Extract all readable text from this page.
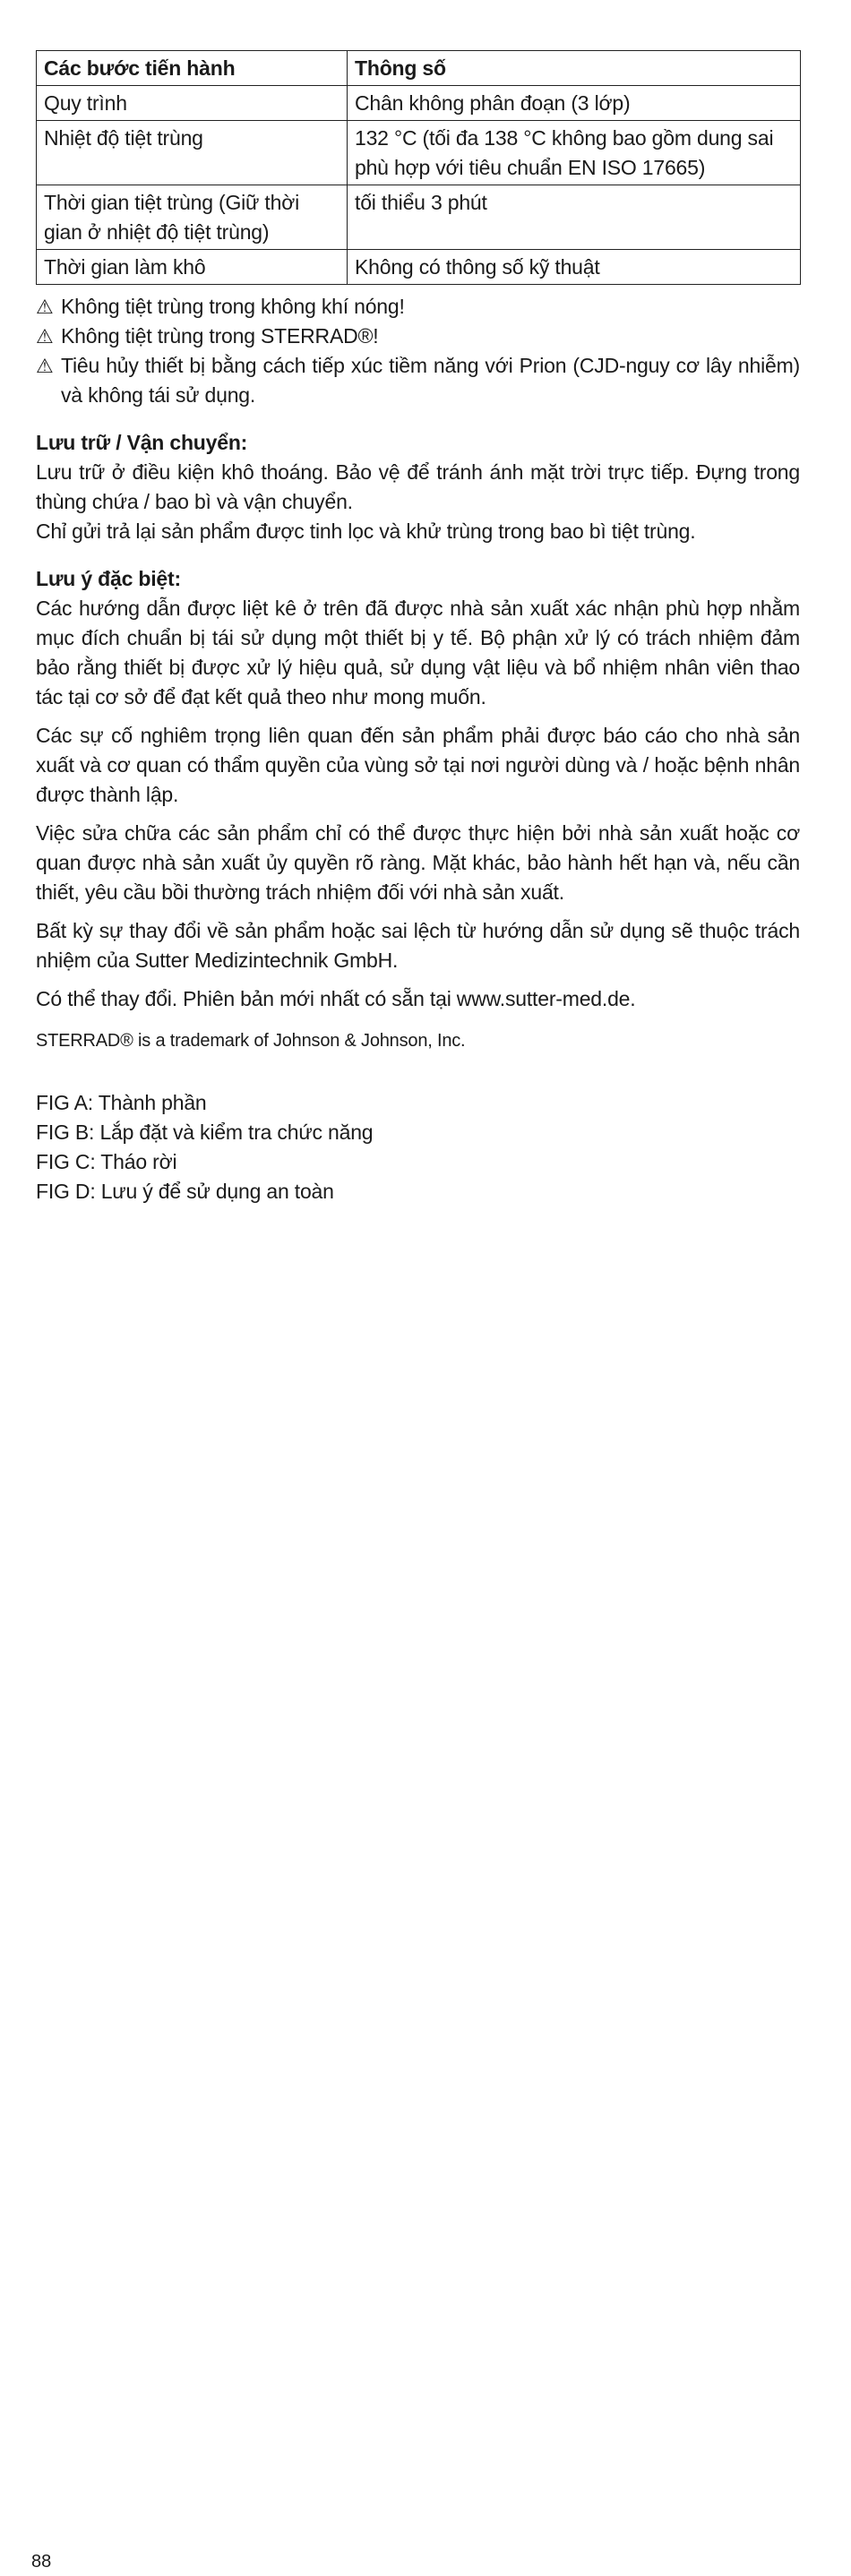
Các bước tiến hành	Thông số
Quy trình	Chân không phân đoạn (3 lớp)
Nhiệt độ tiệt trùng	132 °C (tối đa 138 °C không bao gồm dung sai phù hợp với tiêu chuẩn EN ISO 17665)
Thời gian tiệt trùng (Giữ thời gian ở nhiệt độ tiệt trùng)	tối thiểu 3 phút
Thời gian làm khô	Không có thông số kỹ thuật
⚠ Không tiệt trùng trong không khí nóng!
⚠ Không tiệt trùng trong STERRAD®!
⚠ Tiêu hủy thiết bị bằng cách tiếp xúc tiềm năng với Prion (CJD-nguy cơ lây nhiễm) và không tái sử dụng.
Lưu trữ / Vận chuyển:

Lưu trữ ở điều kiện khô thoáng. Bảo vệ để tránh ánh mặt trời trực tiếp. Đựng trong thùng chứa / bao bì và vận chuyển.

Chỉ gửi trả lại sản phẩm được tinh lọc và khử trùng trong bao bì tiệt trùng.

Lưu ý đặc biệt:

Các hướng dẫn được liệt kê ở trên đã được nhà sản xuất xác nhận phù hợp nhằm mục đích chuẩn bị tái sử dụng một thiết bị y tế. Bộ phận xử lý có trách nhiệm đảm bảo rằng thiết bị được xử lý hiệu quả, sử dụng vật liệu và bổ nhiệm nhân viên thao tác tại cơ sở để đạt kết quả theo như mong muốn.

Các sự cố nghiêm trọng liên quan đến sản phẩm phải được báo cáo cho nhà sản xuất và cơ quan có thẩm quyền của vùng sở tại nơi người dùng và / hoặc bệnh nhân được thành lập.

Việc sửa chữa các sản phẩm chỉ có thể được thực hiện bởi nhà sản xuất hoặc cơ quan được nhà sản xuất ủy quyền rõ ràng. Mặt khác, bảo hành hết hạn và, nếu cần thiết, yêu cầu bồi thường trách nhiệm đối với nhà sản xuất.

Bất kỳ sự thay đổi về sản phẩm hoặc sai lệch từ hướng dẫn sử dụng sẽ thuộc trách nhiệm của Sutter Medizintechnik GmbH.

Có thể thay đổi. Phiên bản mới nhất có sẵn tại www.sutter-med.de.

STERRAD® is a trademark of Johnson & Johnson, Inc.
FIG A: Thành phần
FIG B: Lắp đặt và kiểm tra chức năng
FIG C: Tháo rời
FIG D: Lưu ý để sử dụng an toàn
88
